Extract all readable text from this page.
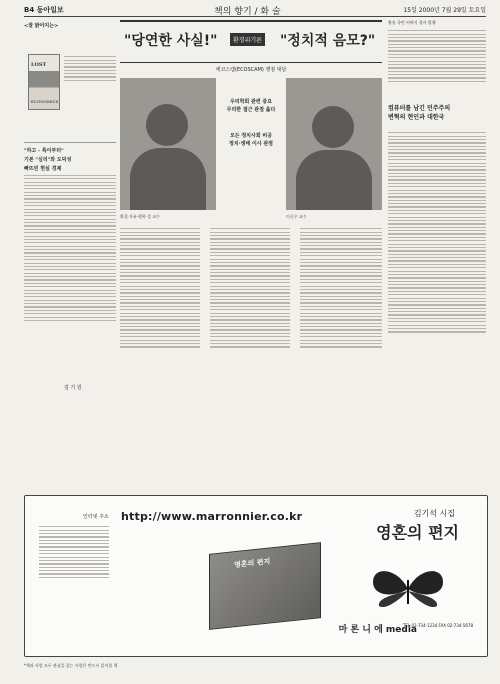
B4 동아일보	책의 향기 / 화 술	15일 2000년 7월 29일 토요일
<잘 밝아지는>
LOST
ECONOMICS
"하고 - 특이부터"
기본 "심리"와 도덕성
빠뜨린 현실 경제
김 기 원
"당연한 사실!"	환경위기론 "정치적 음모?"
에코스캠(ECOSCAM) 쟁점 대담
환경 자유·행복 성 교수	이신우 교수
우리학회 관련 중요
무리한 접근 관점 옳다
모든 정치사회 비공
정치·생태 이사 관점
방송 국민 이야기 창사 발행
컴퓨터를 남긴 민주주의
변혁의 현인과 대한국
인터넷 주소 http://www.marronnier.co.kr	김기석 시집
영혼의 편지
영혼의 편지
마 론 니 에 media
TEL 02-734-1234 FAX 02-734-5678
*책과 사람 모두 관심을 갖는 사람은 반드시 읽어볼 책
